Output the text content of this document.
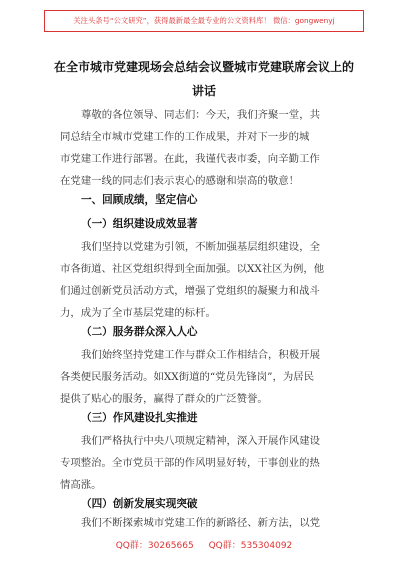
关注头条号“公文研究”，获得最新最全最专业的公文资料库！ 微信：gongwenyj
在全市城市党建现场会总结会议暨城市党建联席会议上的
讲话
尊敬的各位领导、同志们：今天，我们齐聚一堂，共
同总结全市城市党建工作的工作成果，并对下一步的城
市党建工作进行部署。在此，我谨代表市委，向辛勤工作
在党建一线的同志们表示衷心的感谢和崇高的敬意！
一、回顾成绩，坚定信心
（一）组织建设成效显著
我们坚持以党建为引领，不断加强基层组织建设，全
市各街道、社区党组织得到全面加强。以XX社区为例，他
们通过创新党员活动方式，增强了党组织的凝聚力和战斗
力，成为了全市基层党建的标杆。
（二）服务群众深入人心
我们始终坚持党建工作与群众工作相结合，积极开展
各类便民服务活动。如XX街道的“党员先锋岗”，为居民
提供了贴心的服务，赢得了群众的广泛赞誉。
（三）作风建设扎实推进
我们严格执行中央八项规定精神，深入开展作风建设
专项整治。全市党员干部的作风明显好转，干事创业的热
情高涨。
（四）创新发展实现突破
我们不断探索城市党建工作的新路径、新方法，以党
QQ群：30265665 QQ群：535304092
